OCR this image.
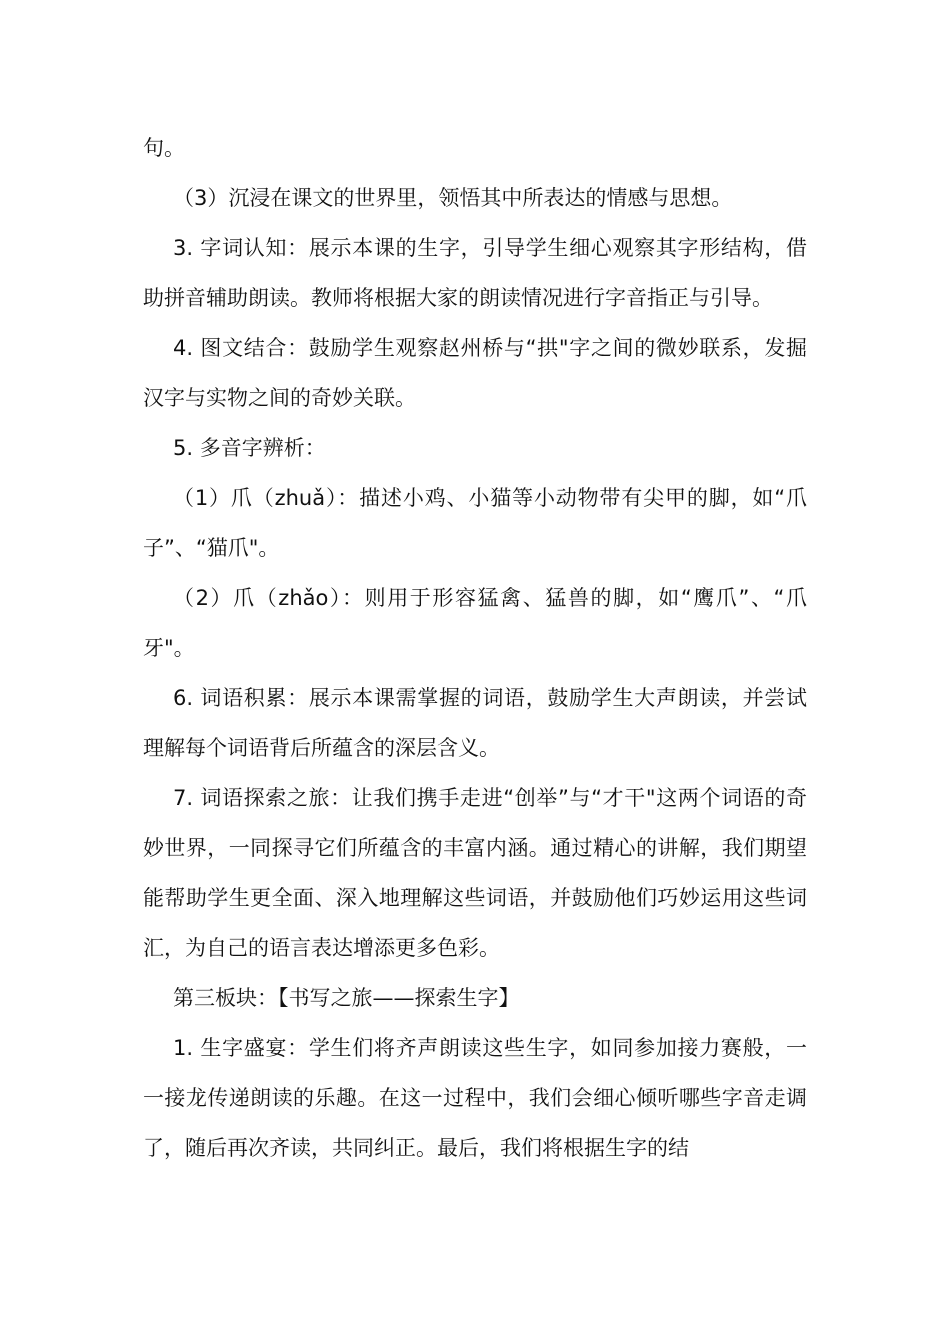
句。

（3）沉浸在课文的世界里，领悟其中所表达的情感与思想。

3. 字词认知：展示本课的生字，引导学生细心观察其字形结构，借助拼音辅助朗读。教师将根据大家的朗读情况进行字音指正与引导。

4. 图文结合：鼓励学生观察赵州桥与“拱"字之间的微妙联系，发掘汉字与实物之间的奇妙关联。

5. 多音字辨析：

（1）爪（zhuǎ）：描述小鸡、小猫等小动物带有尖甲的脚，如“爪子”、“猫爪"。

（2）爪（zhǎo）：则用于形容猛禽、猛兽的脚，如“鹰爪”、“爪牙"。

6. 词语积累：展示本课需掌握的词语，鼓励学生大声朗读，并尝试理解每个词语背后所蕴含的深层含义。

7. 词语探索之旅：让我们携手走进“创举”与“才干"这两个词语的奇妙世界，一同探寻它们所蕴含的丰富内涵。通过精心的讲解，我们期望能帮助学生更全面、深入地理解这些词语，并鼓励他们巧妙运用这些词汇，为自己的语言表达增添更多色彩。

第三板块：【书写之旅——探索生字】

1. 生字盛宴：学生们将齐声朗读这些生字，如同参加接力赛般，一一接龙传递朗读的乐趣。在这一过程中，我们会细心倾听哪些字音走调了，随后再次齐读，共同纠正。最后，我们将根据生字的结
